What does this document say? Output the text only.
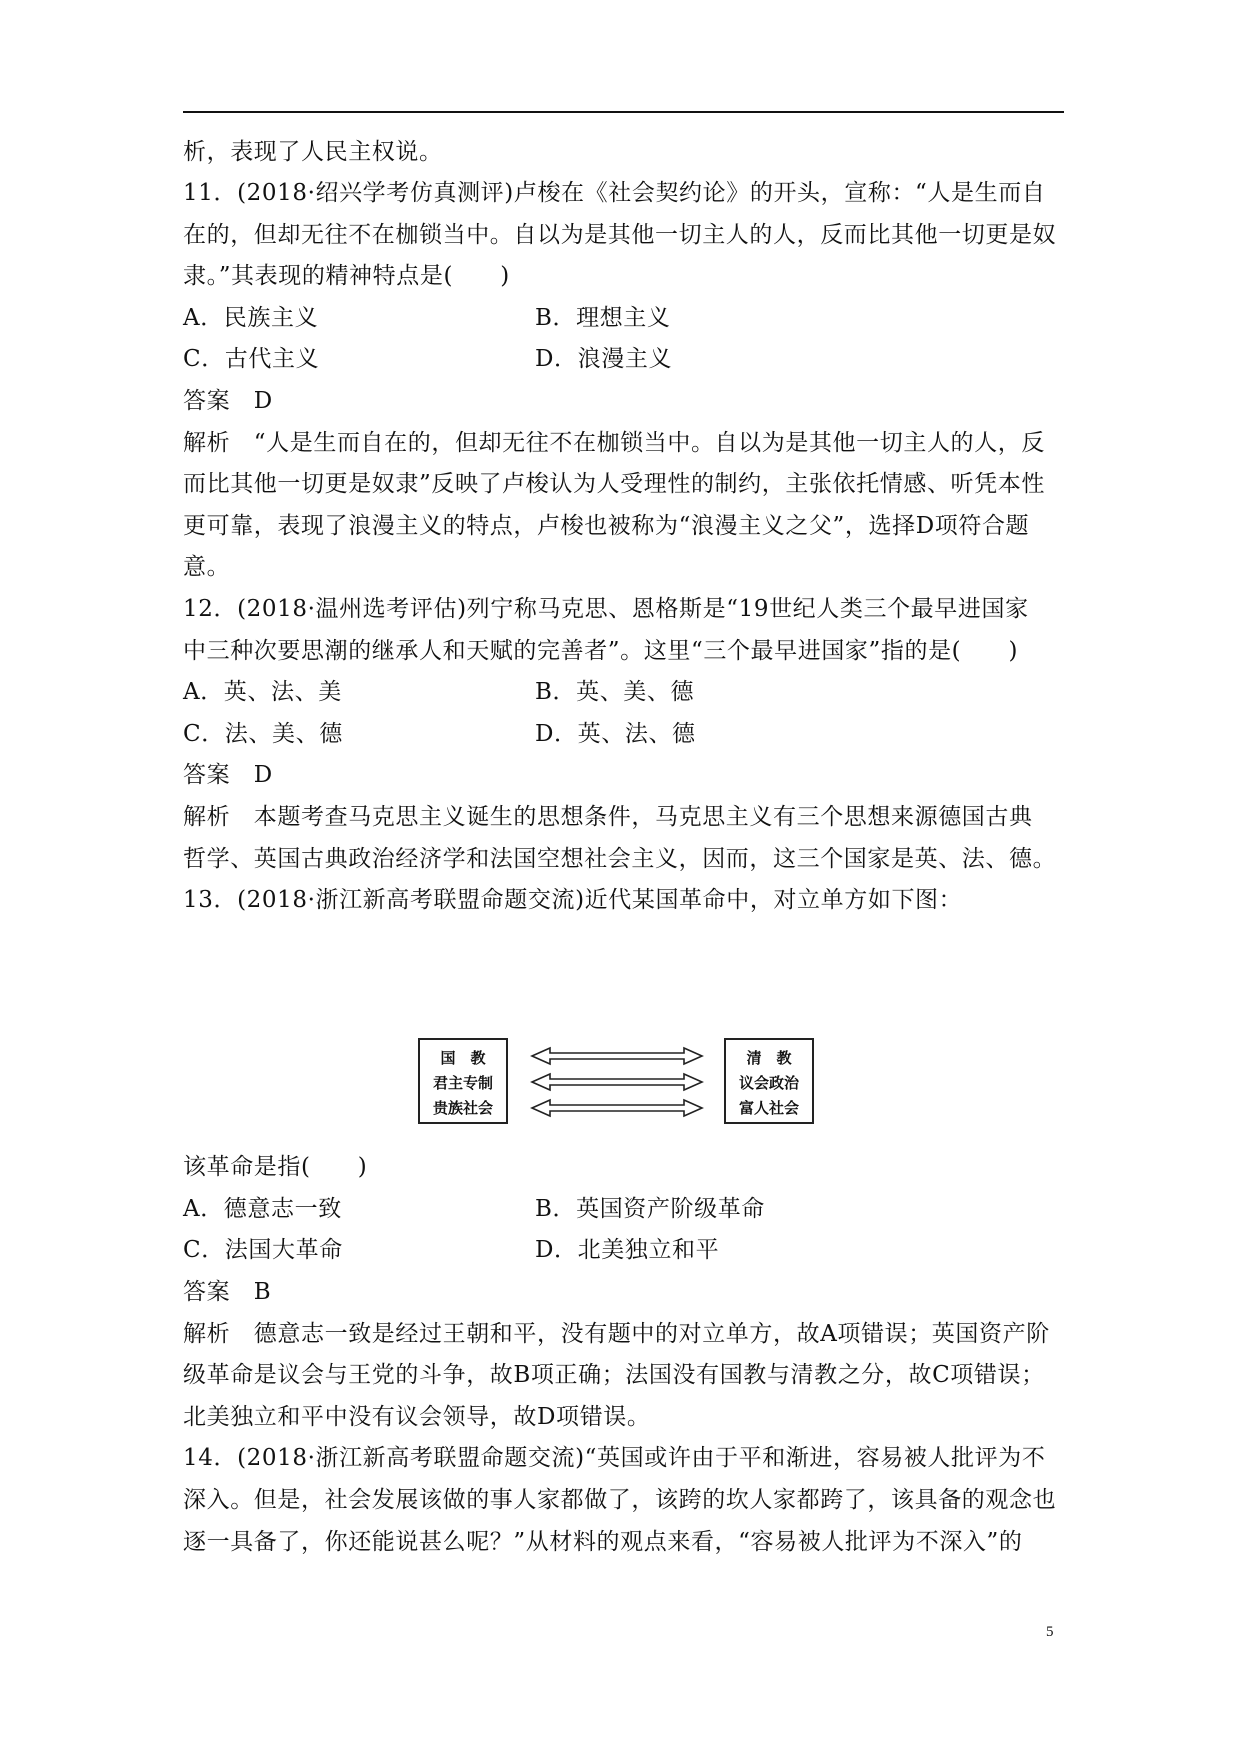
析，表现了人民主权说。
11．(2018·绍兴学考仿真测评)卢梭在《社会契约论》的开头，宣称：“人是生而自
在的，但却无往不在枷锁当中。自以为是其他一切主人的人，反而比其他一切更是奴
隶。”其表现的精神特点是(　　)
A．民族主义	B．理想主义
C．古代主义	D．浪漫主义
答案　D
解析　“人是生而自在的，但却无往不在枷锁当中。自以为是其他一切主人的人，反
而比其他一切更是奴隶”反映了卢梭认为人受理性的制约，主张依托情感、听凭本性
更可靠，表现了浪漫主义的特点，卢梭也被称为“浪漫主义之父”，选择D项符合题
意。
12．(2018·温州选考评估)列宁称马克思、恩格斯是“19世纪人类三个最早进国家
中三种次要思潮的继承人和天赋的完善者”。这里“三个最早进国家”指的是(　　)
A．英、法、美	B．英、美、德
C．法、美、德	D．英、法、德
答案　D
解析　本题考查马克思主义诞生的思想条件，马克思主义有三个思想来源德国古典
哲学、英国古典政治经济学和法国空想社会主义，因而，这三个国家是英、法、德。
13．(2018·浙江新高考联盟命题交流)近代某国革命中，对立单方如下图：
国　教
君主专制
贵族社会
清　教
议会政治
富人社会
该革命是指(　　)
A．德意志一致	B．英国资产阶级革命
C．法国大革命	D．北美独立和平
答案　B
解析　德意志一致是经过王朝和平，没有题中的对立单方，故A项错误；英国资产阶
级革命是议会与王党的斗争，故B项正确；法国没有国教与清教之分，故C项错误；
北美独立和平中没有议会领导，故D项错误。
14．(2018·浙江新高考联盟命题交流)“英国或许由于平和渐进，容易被人批评为不
深入。但是，社会发展该做的事人家都做了，该跨的坎人家都跨了，该具备的观念也
逐一具备了，你还能说甚么呢？”从材料的观点来看，“容易被人批评为不深入”的
5
